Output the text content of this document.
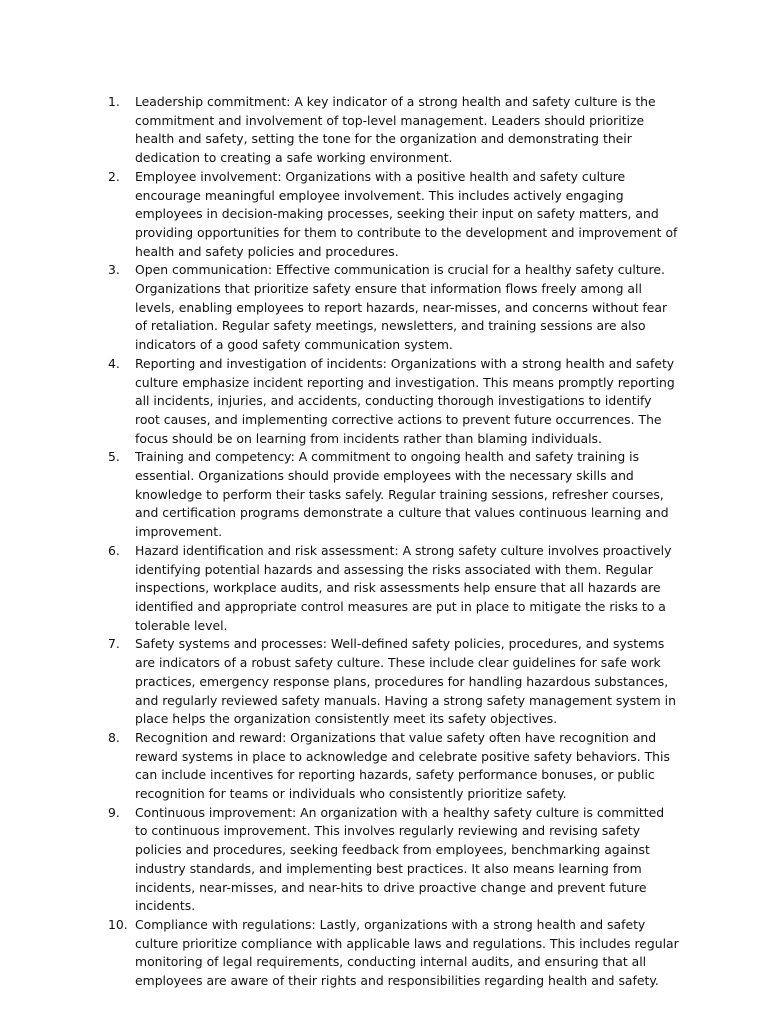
1.	Leadership commitment: A key indicator of a strong health and safety culture is the commitment and involvement of top-level management. Leaders should prioritize health and safety, setting the tone for the organization and demonstrating their dedication to creating a safe working environment.

2.	Employee involvement: Organizations with a positive health and safety culture encourage meaningful employee involvement. This includes actively engaging employees in decision-making processes, seeking their input on safety matters, and providing opportunities for them to contribute to the development and improvement of health and safety policies and procedures.

3.	Open communication: Effective communication is crucial for a healthy safety culture. Organizations that prioritize safety ensure that information flows freely among all levels, enabling employees to report hazards, near-misses, and concerns without fear of retaliation. Regular safety meetings, newsletters, and training sessions are also indicators of a good safety communication system.

4.	Reporting and investigation of incidents: Organizations with a strong health and safety culture emphasize incident reporting and investigation. This means promptly reporting all incidents, injuries, and accidents, conducting thorough investigations to identify root causes, and implementing corrective actions to prevent future occurrences. The focus should be on learning from incidents rather than blaming individuals.

5.	Training and competency: A commitment to ongoing health and safety training is essential. Organizations should provide employees with the necessary skills and knowledge to perform their tasks safely. Regular training sessions, refresher courses, and certification programs demonstrate a culture that values continuous learning and improvement.

6.	Hazard identification and risk assessment: A strong safety culture involves proactively identifying potential hazards and assessing the risks associated with them. Regular inspections, workplace audits, and risk assessments help ensure that all hazards are identified and appropriate control measures are put in place to mitigate the risks to a tolerable level.

7.	Safety systems and processes: Well-defined safety policies, procedures, and systems are indicators of a robust safety culture. These include clear guidelines for safe work practices, emergency response plans, procedures for handling hazardous substances, and regularly reviewed safety manuals. Having a strong safety management system in place helps the organization consistently meet its safety objectives.

8.	Recognition and reward: Organizations that value safety often have recognition and reward systems in place to acknowledge and celebrate positive safety behaviors. This can include incentives for reporting hazards, safety performance bonuses, or public recognition for teams or individuals who consistently prioritize safety.

9.	Continuous improvement: An organization with a healthy safety culture is committed to continuous improvement. This involves regularly reviewing and revising safety policies and procedures, seeking feedback from employees, benchmarking against industry standards, and implementing best practices. It also means learning from incidents, near-misses, and near-hits to drive proactive change and prevent future incidents.

10. Compliance with regulations: Lastly, organizations with a strong health and safety culture prioritize compliance with applicable laws and regulations. This includes regular monitoring of legal requirements, conducting internal audits, and ensuring that all employees are aware of their rights and responsibilities regarding health and safety.
